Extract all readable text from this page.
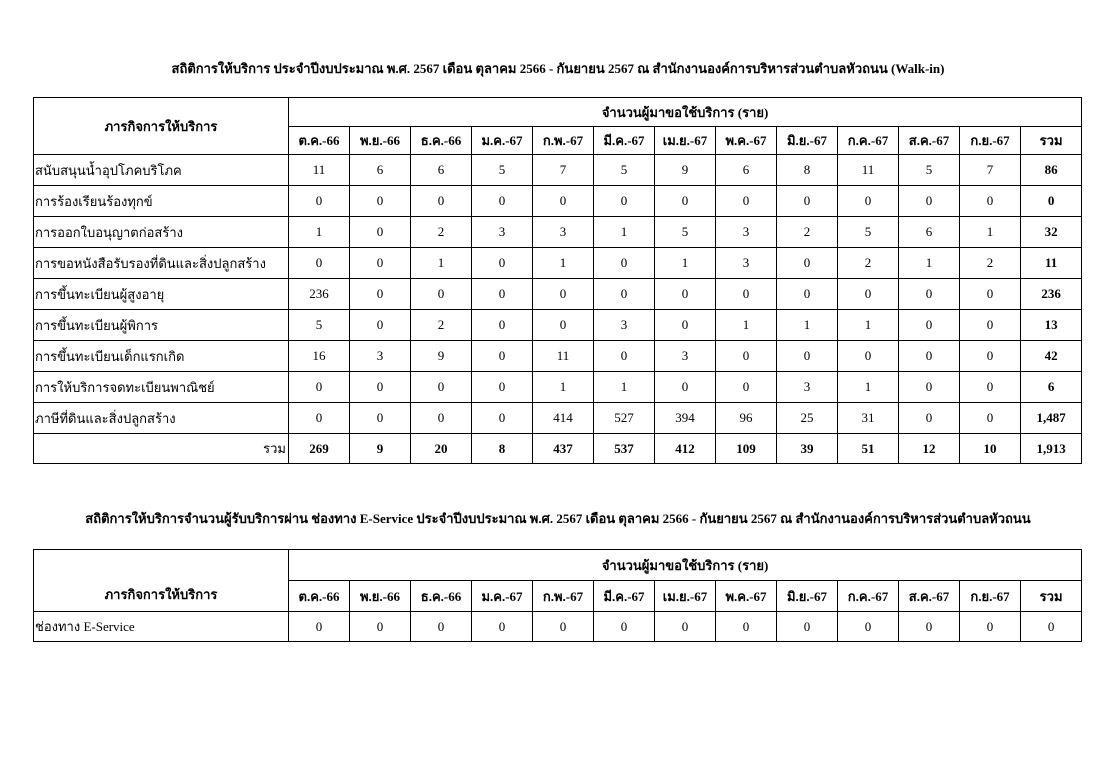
สถิติการให้บริการ ประจำปีงบประมาณ พ.ศ. 2567 เดือน ตุลาคม 2566 - กันยายน 2567 ณ สำนักงานองค์การบริหารส่วนตำบลหัวถนน (Walk-in)
ภารกิจการให้บริการ	จำนวนผู้มาขอใช้บริการ (ราย)												
	ต.ค.-66	พ.ย.-66	ธ.ค.-66	ม.ค.-67	ก.พ.-67	มี.ค.-67	เม.ย.-67	พ.ค.-67	มิ.ย.-67	ก.ค.-67	ส.ค.-67	ก.ย.-67	รวม
สนับสนุนน้ำอุปโภคบริโภค	11	6	6	5	7	5	9	6	8	11	5	7	86
การร้องเรียนร้องทุกข์	0	0	0	0	0	0	0	0	0	0	0	0	0
การออกใบอนุญาตก่อสร้าง	1	0	2	3	3	1	5	3	2	5	6	1	32
การขอหนังสือรับรองที่ดินและสิ่งปลูกสร้าง	0	0	1	0	1	0	1	3	0	2	1	2	11
การขึ้นทะเบียนผู้สูงอายุ	236	0	0	0	0	0	0	0	0	0	0	0	236
การขึ้นทะเบียนผู้พิการ	5	0	2	0	0	3	0	1	1	1	0	0	13
การขึ้นทะเบียนเด็กแรกเกิด	16	3	9	0	11	0	3	0	0	0	0	0	42
การให้บริการจดทะเบียนพาณิชย์	0	0	0	0	1	1	0	0	3	1	0	0	6
ภาษีที่ดินและสิ่งปลูกสร้าง	0	0	0	0	414	527	394	96	25	31	0	0	1,487
รวม	269	9	20	8	437	537	412	109	39	51	12	10	1,913
สถิติการให้บริการจำนวนผู้รับบริการผ่าน ช่องทาง E-Service ประจำปีงบประมาณ พ.ศ. 2567 เดือน ตุลาคม 2566 - กันยายน 2567 ณ สำนักงานองค์การบริหารส่วนตำบลหัวถนน
ภารกิจการให้บริการ	จำนวนผู้มาขอใช้บริการ (ราย)												
	ต.ค.-66	พ.ย.-66	ธ.ค.-66	ม.ค.-67	ก.พ.-67	มี.ค.-67	เม.ย.-67	พ.ค.-67	มิ.ย.-67	ก.ค.-67	ส.ค.-67	ก.ย.-67	รวม
ช่องทาง E-Service	0	0	0	0	0	0	0	0	0	0	0	0	0
